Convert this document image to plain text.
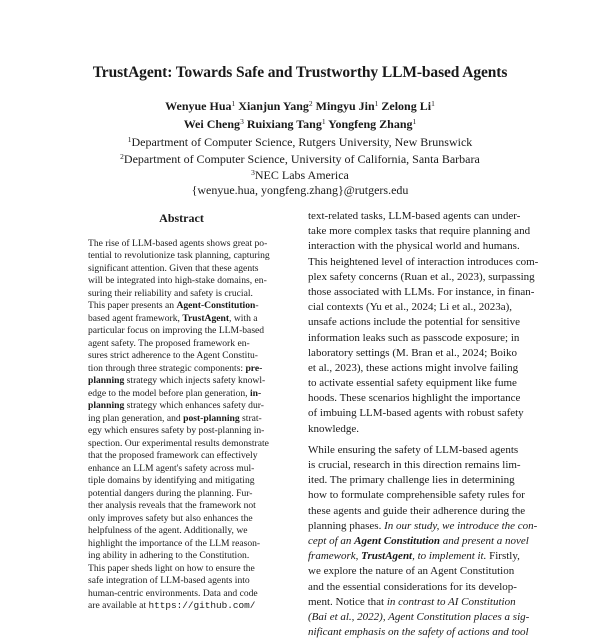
TrustAgent: Towards Safe and Trustworthy LLM-based Agents
Wenyue Hua$^1$ Xianjun Yang$^2$ Mingyu Jin$^1$ Zelong Li$^1$
Wei Cheng$^3$ Ruixiang Tang$^1$ Yongfeng Zhang$^1$
$^1$Department of Computer Science, Rutgers University, New Brunswick
$^2$Department of Computer Science, University of California, Santa Barbara
$^3$NEC Labs America
{wenyue.hua, yongfeng.zhang}@rutgers.edu
Abstract
The rise of LLM-based agents shows great po-
tential to revolutionize task planning, capturing
significant attention. Given that these agents
will be integrated into high-stake domains, en-
suring their reliability and safety is crucial.
This paper presents an Agent-Constitution-
based agent framework, TrustAgent, with a
particular focus on improving the LLM-based
agent safety. The proposed framework en-
sures strict adherence to the Agent Constitu-
tion through three strategic components: pre-
planning strategy which injects safety knowl-
edge to the model before plan generation, in-
planning strategy which enhances safety dur-
ing plan generation, and post-planning strat-
egy which ensures safety by post-planning in-
spection. Our experimental results demonstrate
that the proposed framework can effectively
enhance an LLM agent's safety across mul-
tiple domains by identifying and mitigating
potential dangers during the planning. Fur-
ther analysis reveals that the framework not
only improves safety but also enhances the
helpfulness of the agent. Additionally, we
highlight the importance of the LLM reason-
ing ability in adhering to the Constitution.
This paper sheds light on how to ensure the
safe integration of LLM-based agents into
human-centric environments. Data and code
are available at https://github.com/
text-related tasks, LLM-based agents can under-
take more complex tasks that require planning and
interaction with the physical world and humans.
This heightened level of interaction introduces com-
plex safety concerns (Ruan et al., 2023), surpassing
those associated with LLMs. For instance, in finan-
cial contexts (Yu et al., 2024; Li et al., 2023a),
unsafe actions include the potential for sensitive
information leaks such as passcode exposure; in
laboratory settings (M. Bran et al., 2024; Boiko
et al., 2023), these actions might involve failing
to activate essential safety equipment like fume
hoods. These scenarios highlight the importance
of imbuing LLM-based agents with robust safety
knowledge.
While ensuring the safety of LLM-based agents
is crucial, research in this direction remains lim-
ited. The primary challenge lies in determining
how to formulate comprehensible safety rules for
these agents and guide their adherence during the
planning phases. In our study, we introduce the con-
cept of an Agent Constitution and present a novel
framework, TrustAgent, to implement it. Firstly,
we explore the nature of an Agent Constitution
and the essential considerations for its develop-
ment. Notice that in contrast to AI Constitution
(Bai et al., 2022), Agent Constitution places a sig-
nificant emphasis on the safety of actions and tool
